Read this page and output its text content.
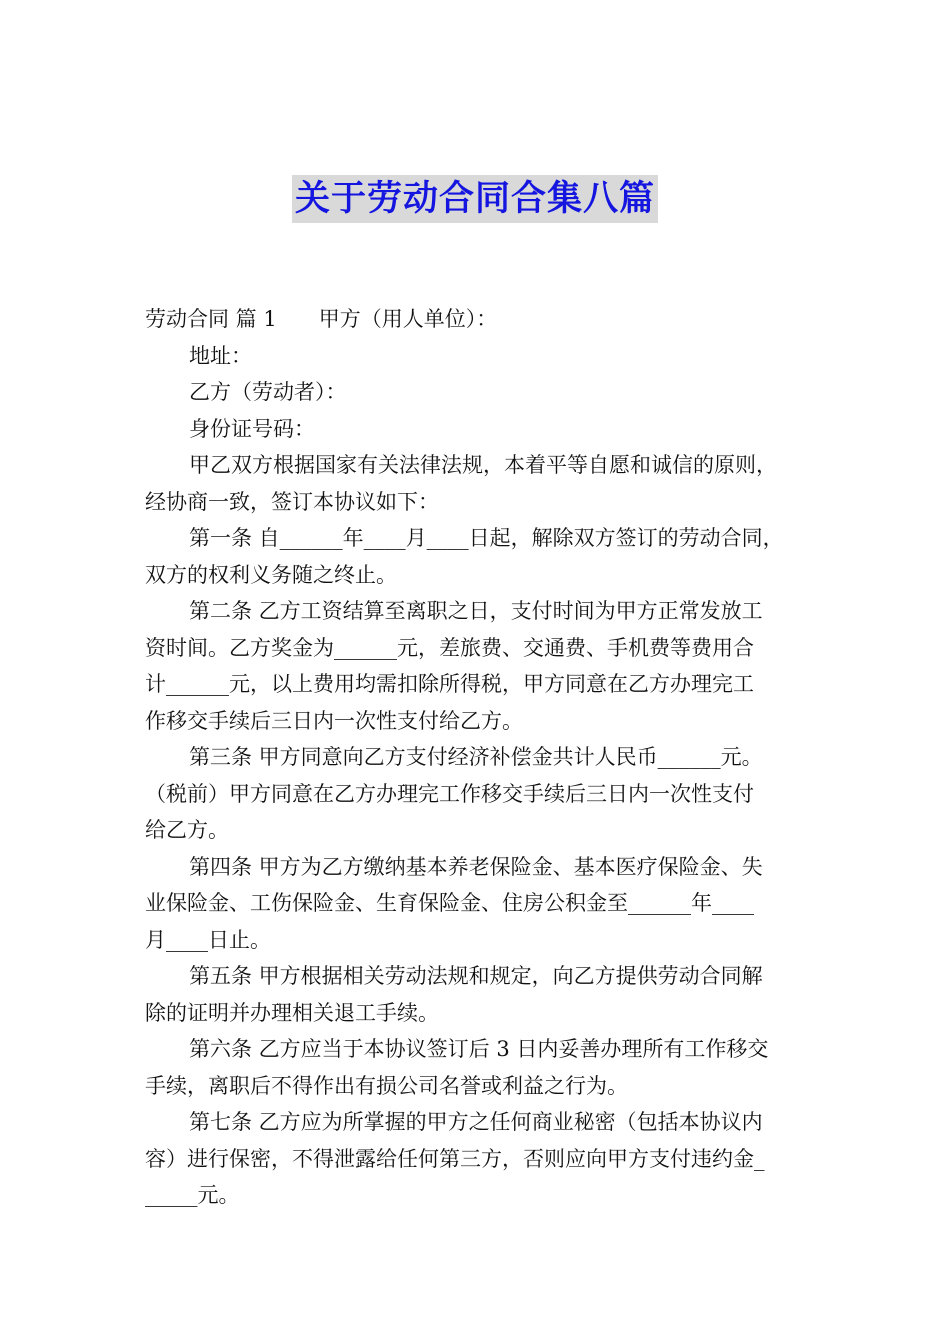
关于劳动合同合集八篇
劳动合同 篇 1 甲方（用人单位）：
地址：
乙方（劳动者）：
身份证号码：
甲乙双方根据国家有关法律法规，本着平等自愿和诚信的原则，
经协商一致，签订本协议如下：
第一条 自______年____月____日起，解除双方签订的劳动合同，
双方的权利义务随之终止。
第二条 乙方工资结算至离职之日，支付时间为甲方正常发放工
资时间。乙方奖金为______元，差旅费、交通费、手机费等费用合
计______元，以上费用均需扣除所得税，甲方同意在乙方办理完工
作移交手续后三日内一次性支付给乙方。
第三条 甲方同意向乙方支付经济补偿金共计人民币______元。
（税前）甲方同意在乙方办理完工作移交手续后三日内一次性支付
给乙方。
第四条 甲方为乙方缴纳基本养老保险金、基本医疗保险金、失
业保险金、工伤保险金、生育保险金、住房公积金至______年____
月____日止。
第五条 甲方根据相关劳动法规和规定，向乙方提供劳动合同解
除的证明并办理相关退工手续。
第六条 乙方应当于本协议签订后 3 日内妥善办理所有工作移交
手续，离职后不得作出有损公司名誉或利益之行为。
第七条 乙方应为所掌握的甲方之任何商业秘密（包括本协议内
容）进行保密，不得泄露给任何第三方，否则应向甲方支付违约金_
_____元。
